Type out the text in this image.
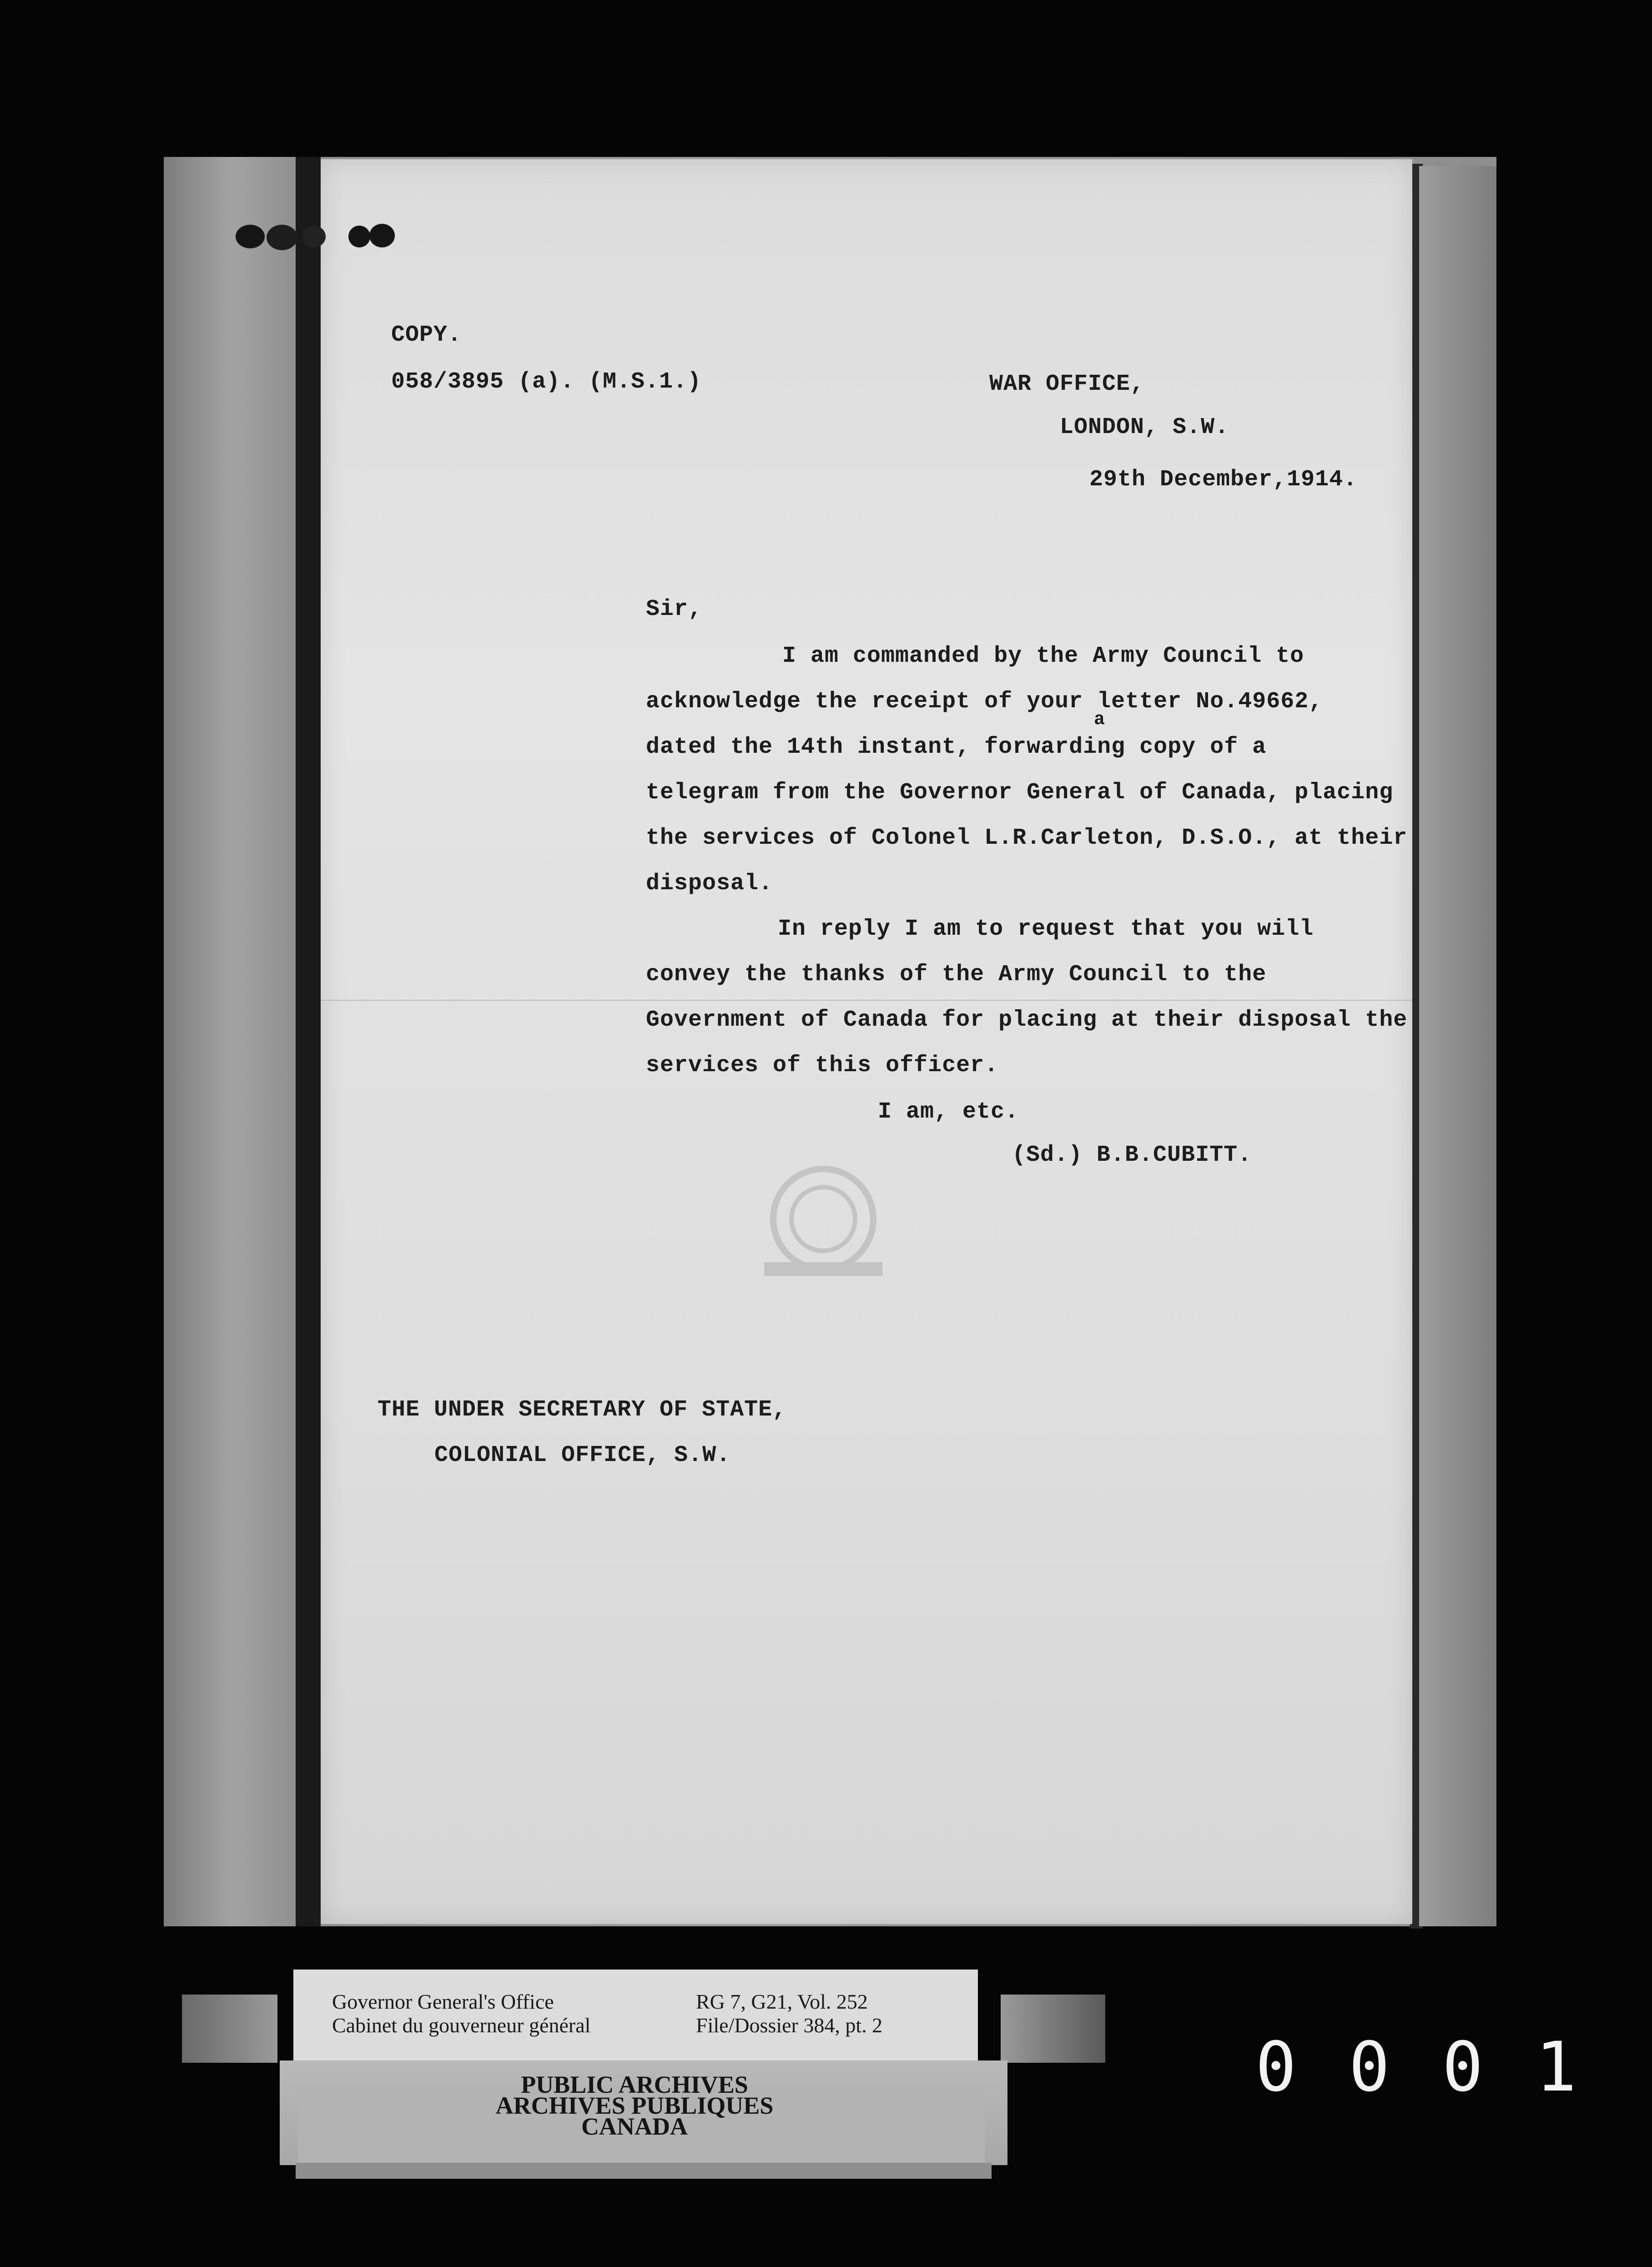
COPY.
058/3895 (a). (M.S.1.)	WAR OFFICE,
LONDON, S.W.
29th December,1914.
Sir,
I am commanded by the Army Council to
acknowledge the receipt of your letter No.49662,
a
dated the 14th instant, forwarding copy of a
telegram from the Governor General of Canada, placing
the services of Colonel L.R.Carleton, D.S.O., at their
disposal.
In reply I am to request that you will
convey the thanks of the Army Council to the
Government of Canada for placing at their disposal the
services of this officer.
I am, etc.
(Sd.) B.B.CUBITT.
THE UNDER SECRETARY OF STATE,
COLONIAL OFFICE, S.W.
Governor General's Office
Cabinet du gouverneur général
RG 7, G21, Vol. 252
File/Dossier 384, pt. 2
PUBLIC ARCHIVES
ARCHIVES PUBLIQUES
CANADA
0001
